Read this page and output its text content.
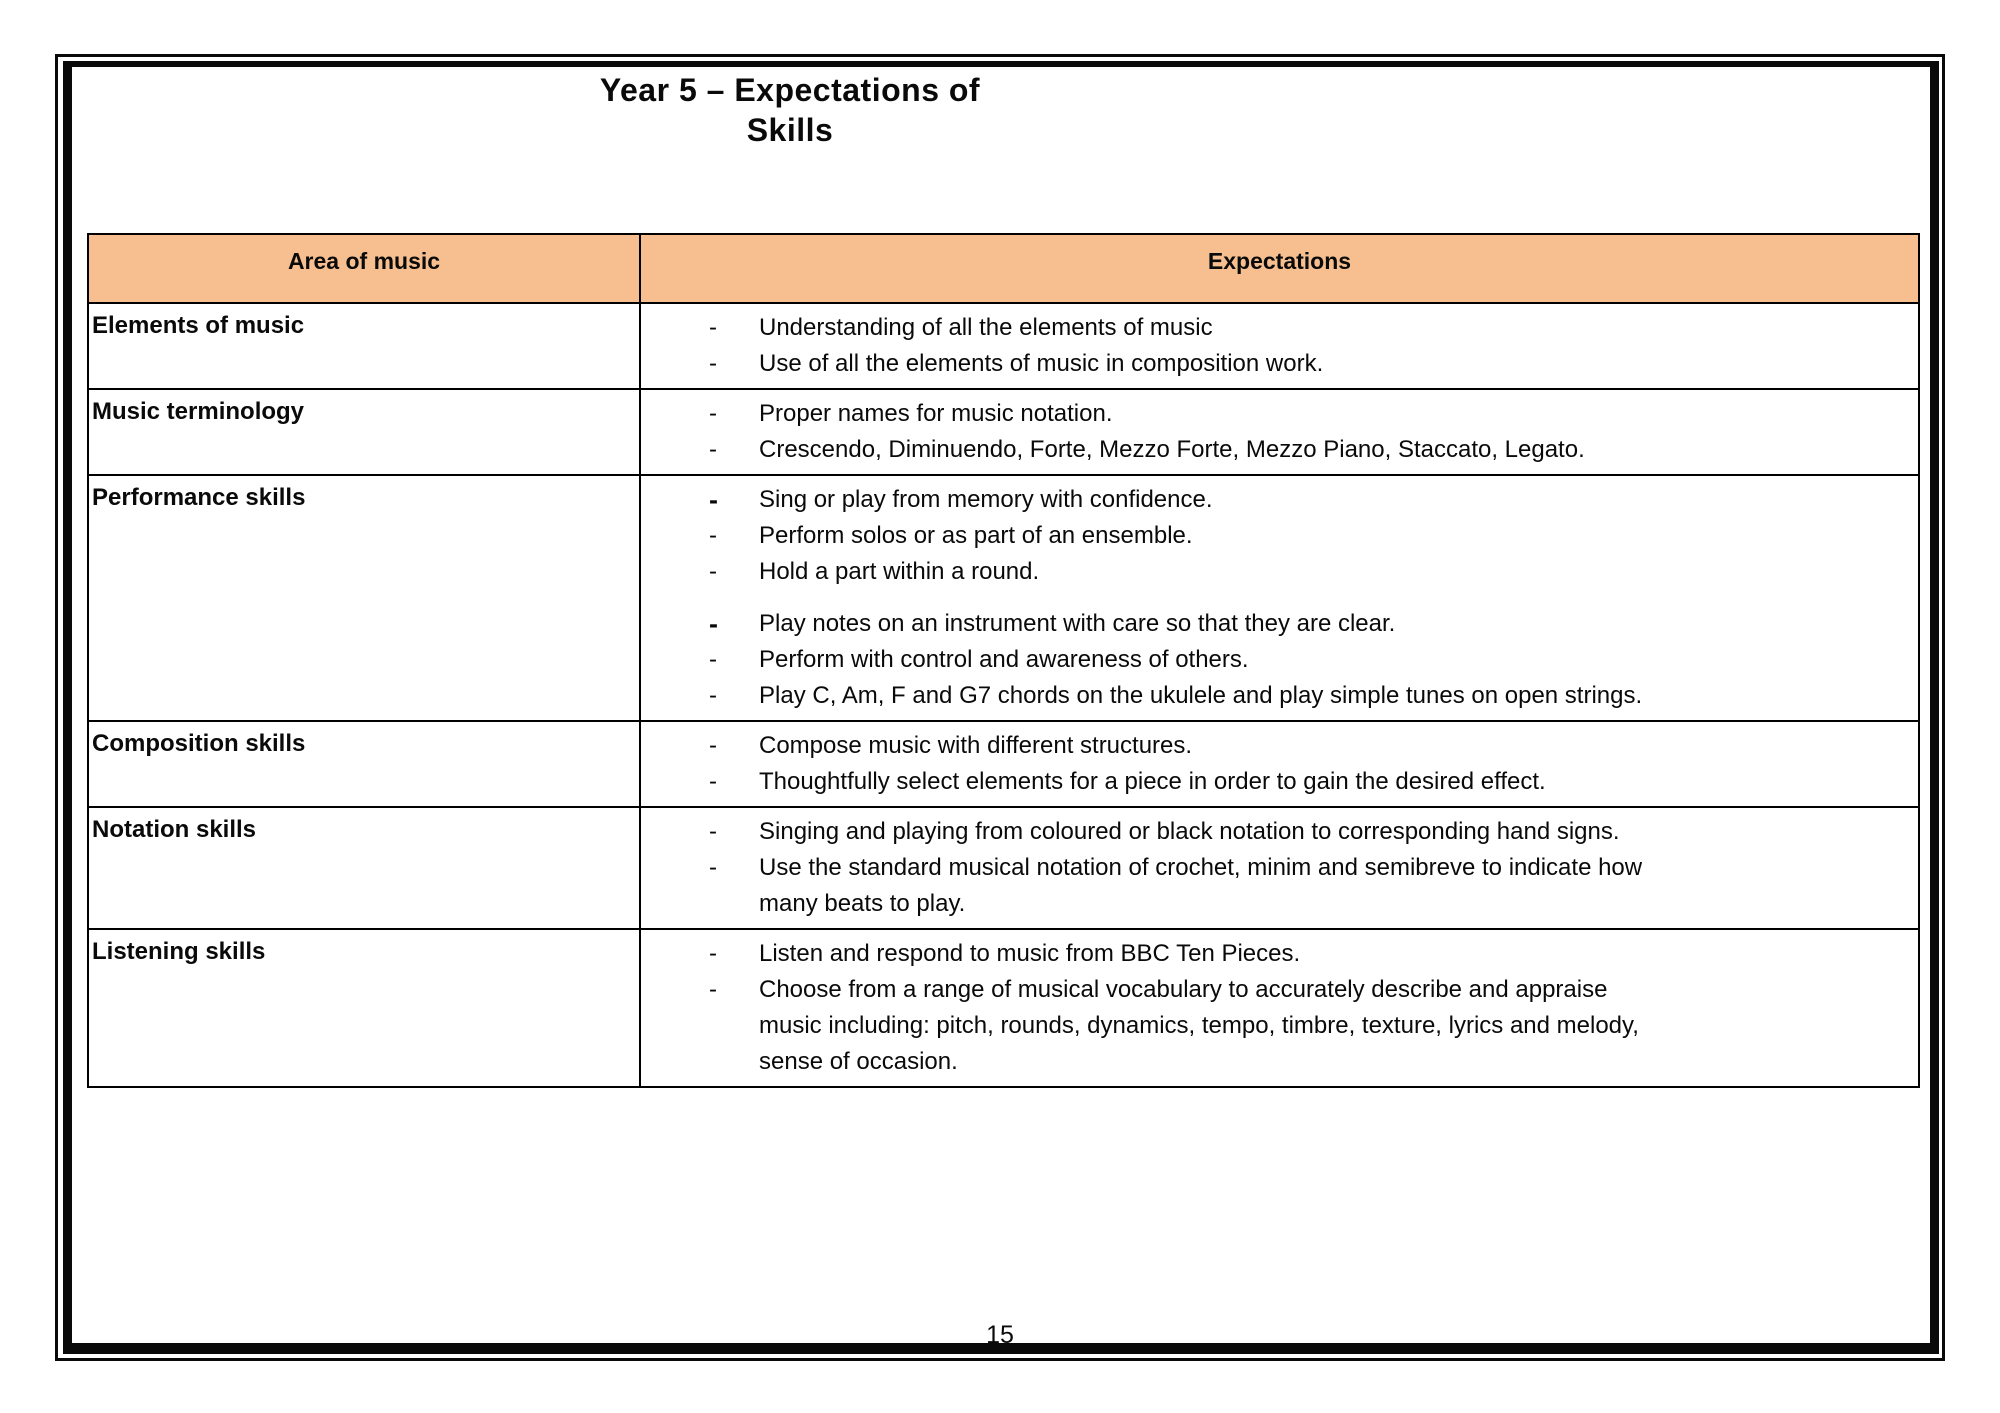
Year 5 – Expectations of
Skills
Area of music	Expectations
Elements of music	-	Understanding of all the elements of music
-	Use of all the elements of music in composition work.
Music terminology	-	Proper names for music notation.
-	Crescendo, Diminuendo, Forte, Mezzo Forte, Mezzo Piano, Staccato, Legato.
Performance skills	-	Sing or play from memory with confidence.
-	Perform solos or as part of an ensemble.
-	Hold a part within a round.
-	Play notes on an instrument with care so that they are clear.
-	Perform with control and awareness of others.
-	Play C, Am, F and G7 chords on the ukulele and play simple tunes on open strings.
Composition skills	-	Compose music with different structures.
-	Thoughtfully select elements for a piece in order to gain the desired effect.
Notation skills	-	Singing and playing from coloured or black notation to corresponding hand signs.
-	Use the standard musical notation of crochet, minim and semibreve to indicate how
many beats to play.
Listening skills	-	Listen and respond to music from BBC Ten Pieces.
-	Choose from a range of musical vocabulary to accurately describe and appraise
music including: pitch, rounds, dynamics, tempo, timbre, texture, lyrics and melody,
sense of occasion.
15
